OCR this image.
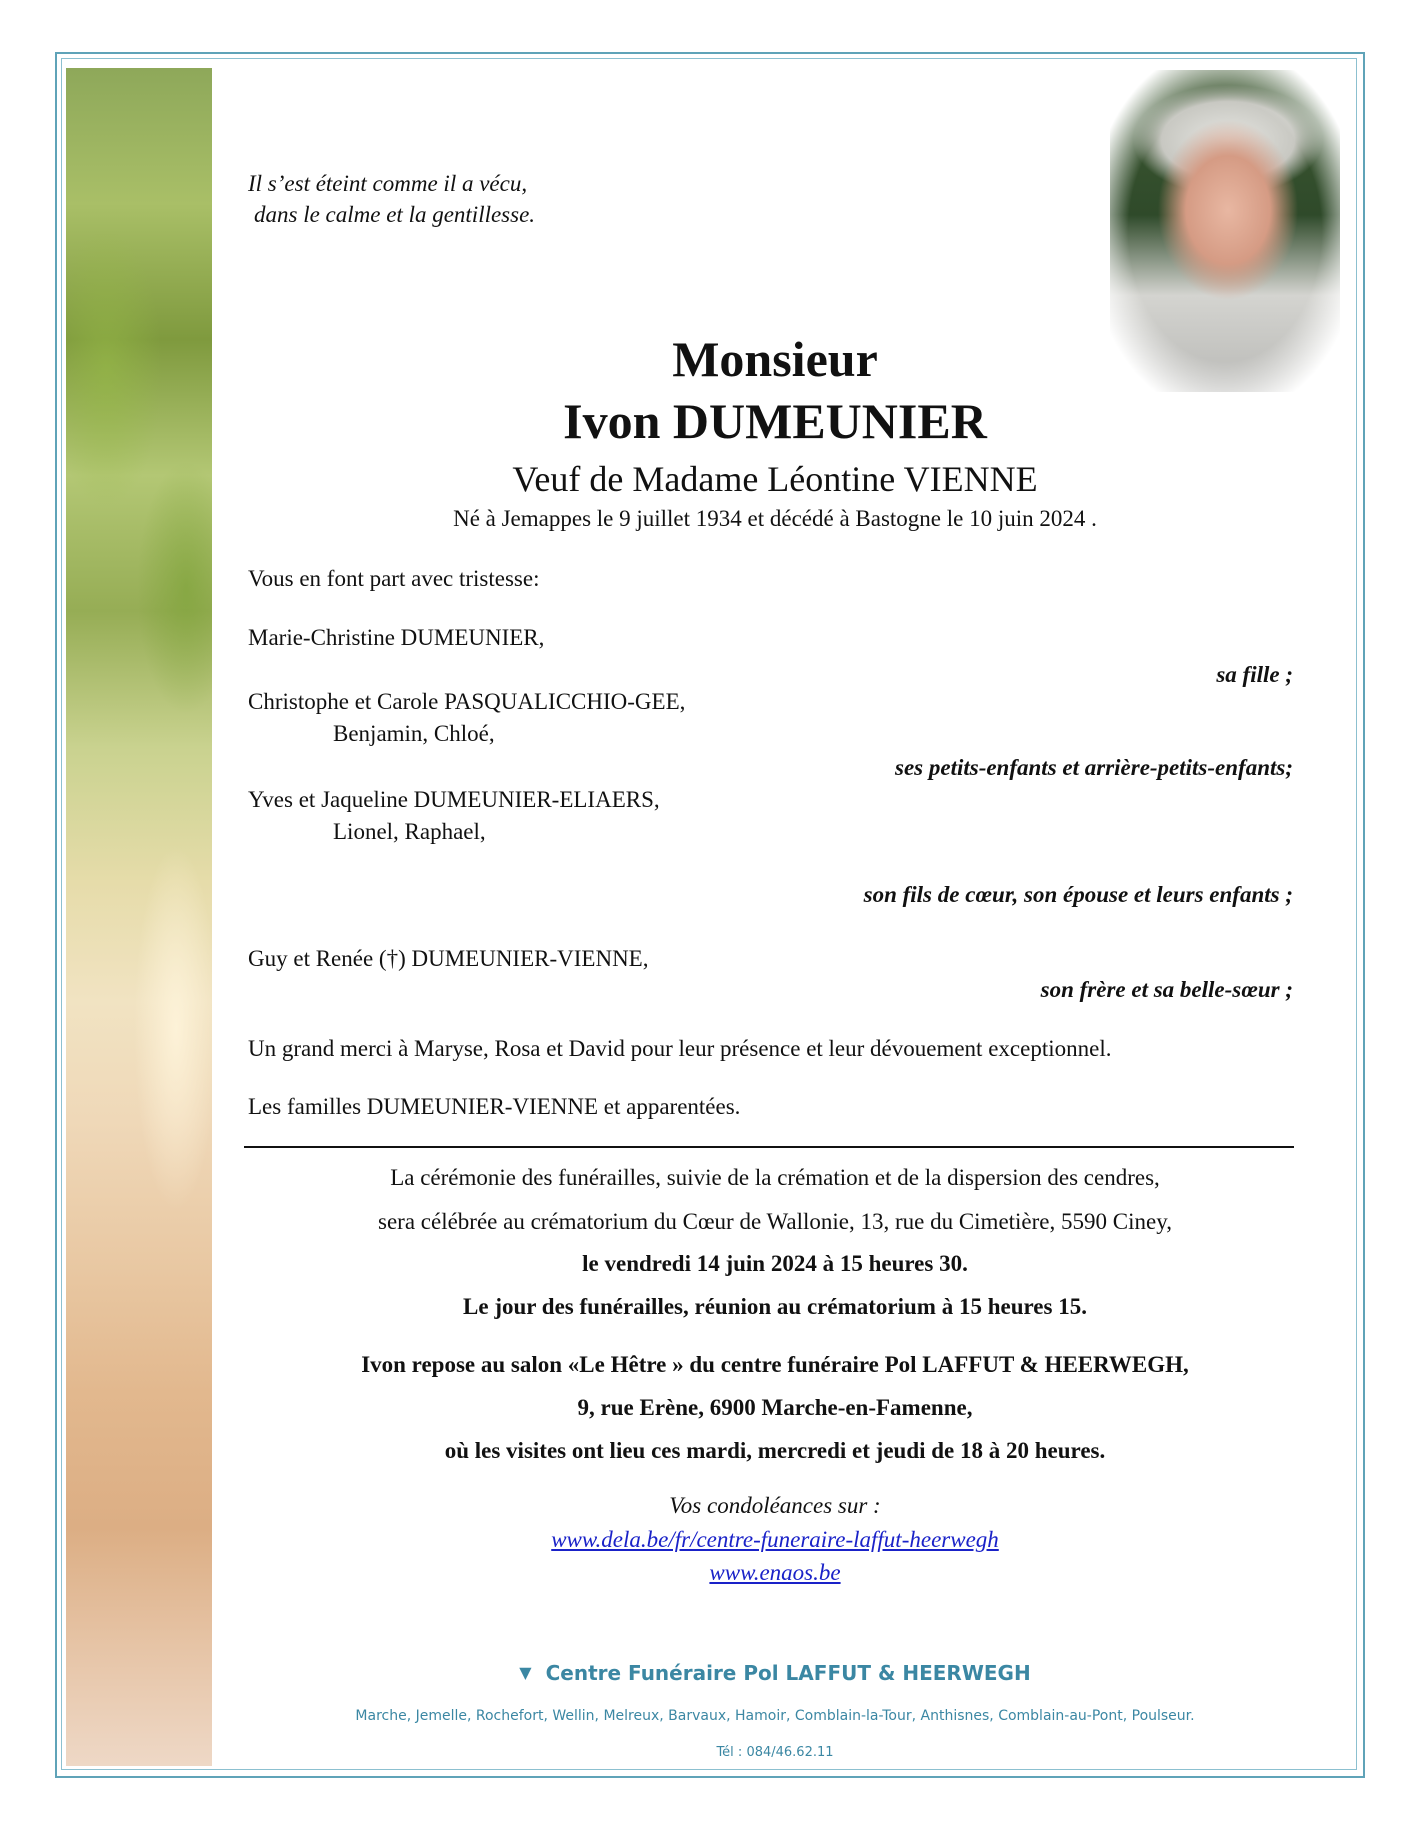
Il s’est éteint comme il a vécu,
dans le calme et la gentillesse.
Monsieur
Ivon DUMEUNIER
Veuf de Madame Léontine VIENNE
Né à Jemappes le 9 juillet 1934 et décédé à Bastogne le 10 juin 2024 .
Vous en font part avec tristesse:
Marie-Christine DUMEUNIER,
sa fille ;
Christophe et Carole PASQUALICCHIO-GEE,
Benjamin, Chloé,
ses petits-enfants et arrière-petits-enfants;
Yves et Jaqueline DUMEUNIER-ELIAERS,
Lionel, Raphael,
son fils de cœur, son épouse et leurs enfants ;
Guy et Renée (†) DUMEUNIER-VIENNE,
son frère et sa belle-sœur ;
Un grand merci à Maryse, Rosa et David pour leur présence et leur dévouement exceptionnel.
Les familles DUMEUNIER-VIENNE et apparentées.
La cérémonie des funérailles, suivie de la crémation et de la dispersion des cendres,
sera célébrée au crématorium du Cœur de Wallonie, 13, rue du Cimetière, 5590 Ciney,
le vendredi 14 juin 2024 à 15 heures 30.
Le jour des funérailles, réunion au crématorium à 15 heures 15.
Ivon repose au salon «Le Hêtre » du centre funéraire Pol LAFFUT & HEERWEGH,
9, rue Erène, 6900 Marche-en-Famenne,
où les visites ont lieu ces mardi, mercredi et jeudi de 18 à 20 heures.
Vos condoléances sur :
www.dela.be/fr/centre-funeraire-laffut-heerwegh
www.enaos.be
▼ Centre Funéraire Pol LAFFUT & HEERWEGH
Marche, Jemelle, Rochefort, Wellin, Melreux, Barvaux, Hamoir, Comblain-la-Tour, Anthisnes, Comblain-au-Pont, Poulseur.
Tél : 084/46.62.11
